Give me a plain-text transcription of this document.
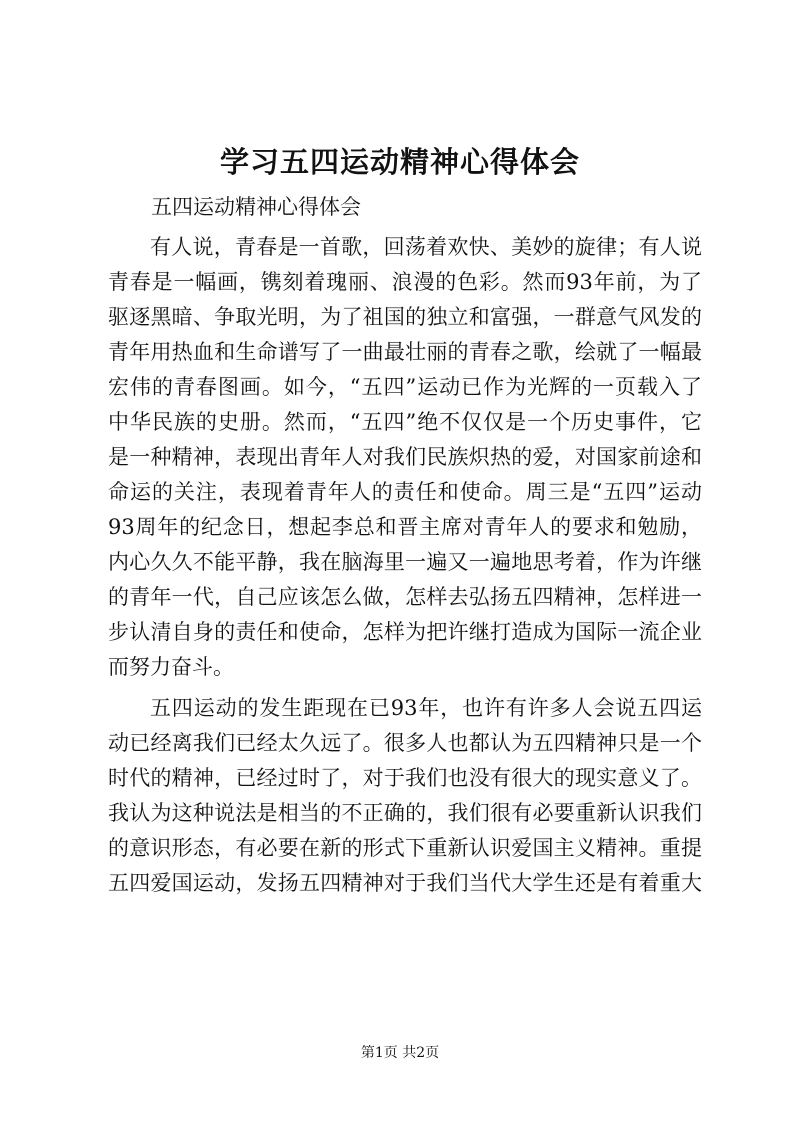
学习五四运动精神心得体会
五四运动精神心得体会
有人说，青春是一首歌，回荡着欢快、美妙的旋律；有人说
青春是一幅画，镌刻着瑰丽、浪漫的色彩。然而93年前，为了
驱逐黑暗、争取光明，为了祖国的独立和富强，一群意气风发的
青年用热血和生命谱写了一曲最壮丽的青春之歌，绘就了一幅最
宏伟的青春图画。如今，“五四”运动已作为光辉的一页载入了
中华民族的史册。然而，“五四”绝不仅仅是一个历史事件，它
是一种精神，表现出青年人对我们民族炽热的爱，对国家前途和
命运的关注，表现着青年人的责任和使命。周三是“五四”运动
93周年的纪念日，想起李总和晋主席对青年人的要求和勉励，
内心久久不能平静，我在脑海里一遍又一遍地思考着，作为许继
的青年一代，自己应该怎么做，怎样去弘扬五四精神，怎样进一
步认清自身的责任和使命，怎样为把许继打造成为国际一流企业
而努力奋斗。
五四运动的发生距现在已93年，也许有许多人会说五四运
动已经离我们已经太久远了。很多人也都认为五四精神只是一个
时代的精神，已经过时了，对于我们也没有很大的现实意义了。
我认为这种说法是相当的不正确的，我们很有必要重新认识我们
的意识形态，有必要在新的形式下重新认识爱国主义精神。重提
五四爱国运动，发扬五四精神对于我们当代大学生还是有着重大
第1页 共2页
